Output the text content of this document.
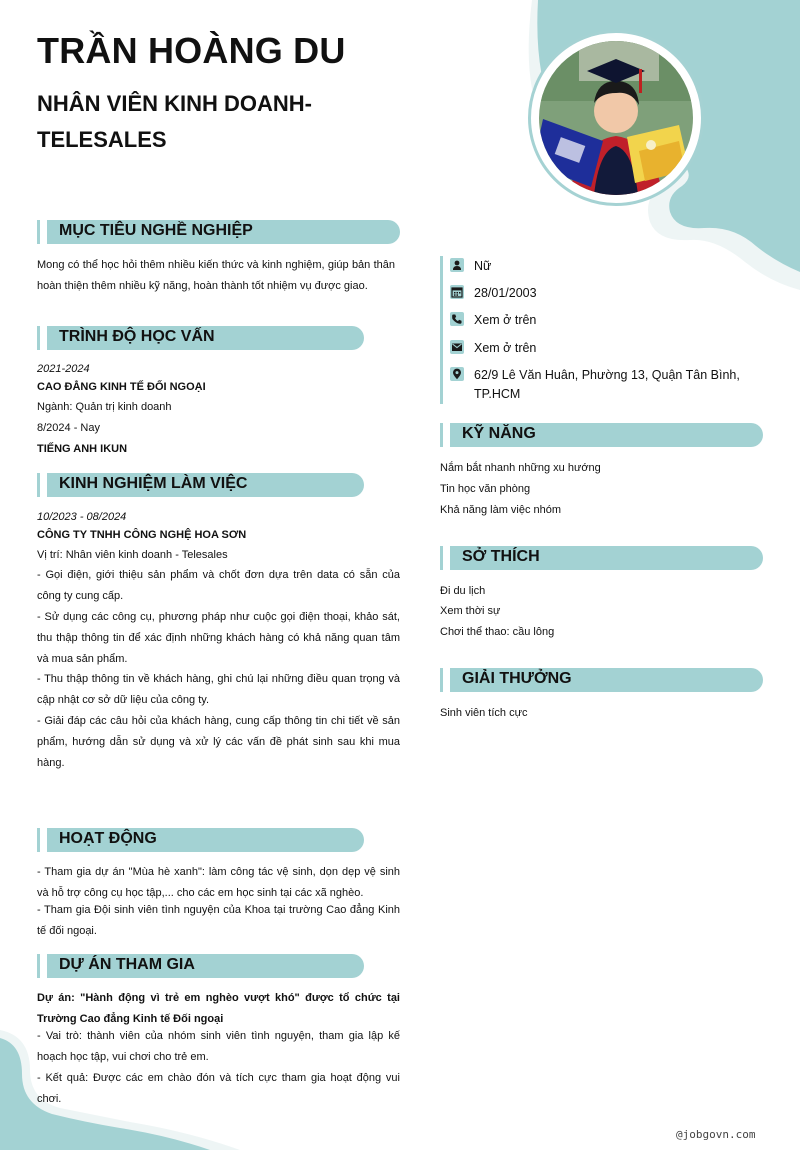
TRẦN HOÀNG DU
NHÂN VIÊN KINH DOANH- TELESALES
MỤC TIÊU NGHỀ NGHIỆP
Mong có thể học hỏi thêm nhiều kiến thức và kinh nghiệm, giúp bản thân hoàn thiện thêm nhiều kỹ năng, hoàn thành tốt nhiệm vụ được giao.
TRÌNH ĐỘ HỌC VẤN
2021-2024
CAO ĐẲNG KINH TẾ ĐỐI NGOẠI
Ngành: Quản trị kinh doanh
8/2024 - Nay
TIẾNG ANH IKUN
KINH NGHIỆM LÀM VIỆC
10/2023 - 08/2024
CÔNG TY TNHH CÔNG NGHỆ HOA SƠN
Vị trí: Nhân viên kinh doanh - Telesales
- Gọi điện, giới thiệu sản phẩm và chốt đơn dựa trên data có sẵn của công ty cung cấp.
- Sử dụng các công cụ, phương pháp như cuộc gọi điện thoại, khảo sát, thu thập thông tin để xác định những khách hàng có khả năng quan tâm và mua sản phẩm.
- Thu thập thông tin về khách hàng, ghi chú lại những điều quan trọng và cập nhật cơ sở dữ liệu của công ty.
- Giải đáp các câu hỏi của khách hàng, cung cấp thông tin chi tiết về sản phẩm, hướng dẫn sử dụng và xử lý các vấn đề phát sinh sau khi mua hàng.
HOẠT ĐỘNG
- Tham gia dự án "Mùa hè xanh": làm công tác vệ sinh, dọn dẹp vệ sinh và hỗ trợ công cụ học tập,... cho các em học sinh tại các xã nghèo.
- Tham gia Đội sinh viên tình nguyện của Khoa tại trường Cao đẳng Kinh tế đối ngoại.
DỰ ÁN THAM GIA
Dự án: "Hành động vì trẻ em nghèo vượt khó" được tổ chức tại Trường Cao đẳng Kinh tế Đối ngoại
- Vai trò: thành viên của nhóm sinh viên tình nguyện, tham gia lập kế hoạch học tập, vui chơi cho trẻ em.
- Kết quả: Được các em chào đón và tích cực tham gia hoạt động vui chơi.
Nữ
28/01/2003
Xem ở trên
Xem ở trên
62/9 Lê Văn Huân, Phường 13, Quận Tân Bình, TP.HCM
KỸ NĂNG
Nắm bắt nhanh những xu hướng
Tin học văn phòng
Khả năng làm việc nhóm
SỞ THÍCH
Đi du lịch
Xem thời sự
Chơi thể thao: cầu lông
GIẢI THƯỞNG
Sinh viên tích cực
@jobgovn.com
